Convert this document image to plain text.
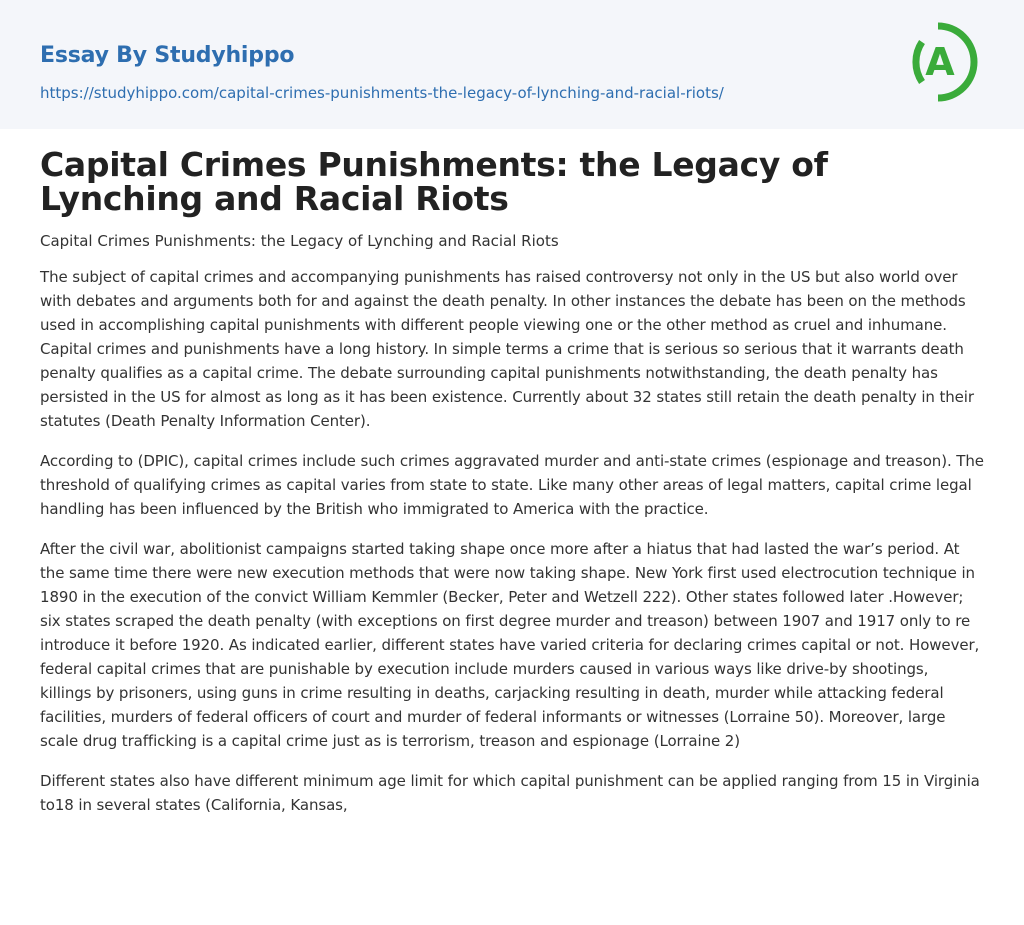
Essay By Studyhippo
https://studyhippo.com/capital-crimes-punishments-the-legacy-of-lynching-and-racial-riots/
A
Capital Crimes Punishments: the Legacy of Lynching and Racial Riots

Capital Crimes Punishments: the Legacy of Lynching and Racial Riots

The subject of capital crimes and accompanying punishments has raised controversy not only in the US but also world over with debates and arguments both for and against the death penalty. In other instances the debate has been on the methods used in accomplishing capital punishments with different people viewing one or the other method as cruel and inhumane. Capital crimes and punishments have a long history. In simple terms a crime that is serious so serious that it warrants death penalty qualifies as a capital crime. The debate surrounding capital punishments notwithstanding, the death penalty has persisted in the US for almost as long as it has been existence. Currently about 32 states still retain the death penalty in their statutes (Death Penalty Information Center).

According to (DPIC), capital crimes include such crimes aggravated murder and anti-state crimes (espionage and treason). The threshold of qualifying crimes as capital varies from state to state. Like many other areas of legal matters, capital crime legal handling has been influenced by the British who immigrated to America with the practice.

After the civil war, abolitionist campaigns started taking shape once more after a hiatus that had lasted the war’s period. At the same time there were new execution methods that were now taking shape. New York first used electrocution technique in 1890 in the execution of the convict William Kemmler (Becker, Peter and Wetzell 222). Other states followed later .However; six states scraped the death penalty (with exceptions on first degree murder and treason) between 1907 and 1917 only to re introduce it before 1920. As indicated earlier, different states have varied criteria for declaring crimes capital or not. However, federal capital crimes that are punishable by execution include murders caused in various ways like drive-by shootings, killings by prisoners, using guns in crime resulting in deaths, carjacking resulting in death, murder while attacking federal facilities, murders of federal officers of court and murder of federal informants or witnesses (Lorraine 50). Moreover, large scale drug trafficking is a capital crime just as is terrorism, treason and espionage (Lorraine 2)

Different states also have different minimum age limit for which capital punishment can be applied ranging from 15 in Virginia to18 in several states (California, Kansas,
